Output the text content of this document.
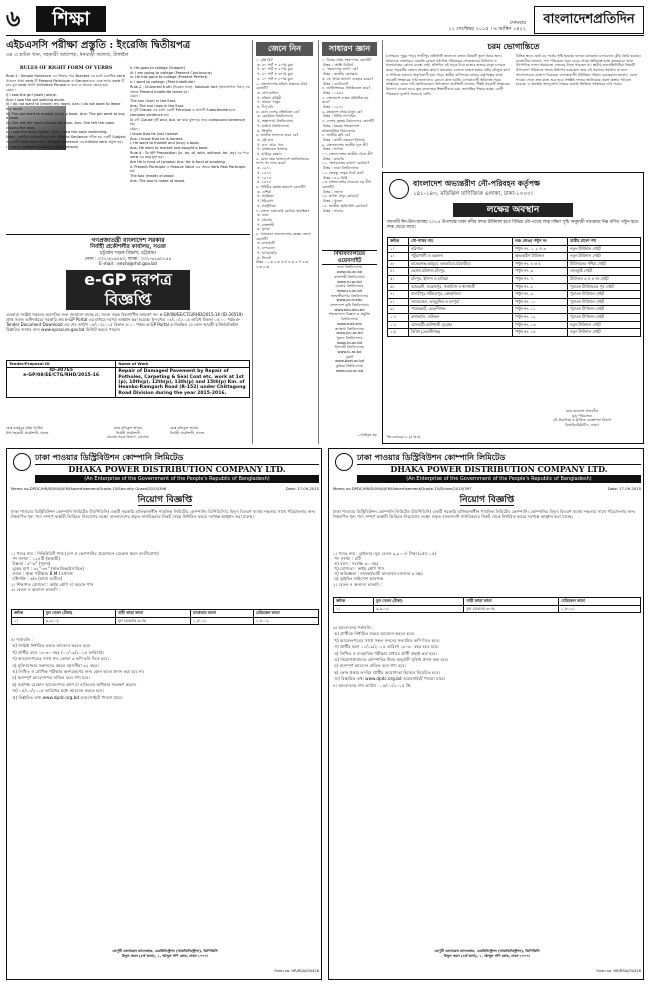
৬	শিক্ষা	সোমবার
২১ সেপ্টেম্বর ২০১৫ । ৬ আশ্বিন ১৪২২
বাংলাদেশপ্রতিদিন
এইচএসসি পরীক্ষা প্রস্তুতি : ইংরেজি দ্বিতীয়পত্র
এম এ হামিদ খান, সহকারী অধ্যাপক, ধনবাড়ী কলেজ, টাঙ্গাইল
RULES OF RIGHT FORM OF VERBS
Rule-1 : Simple Sentence এর ক্রিয়ার পরে Bracket এর মধ্যে একাধিক verb থাকলে প্রথম verb টি Present Participle বা Gerund হবে এবং অপর verb টি হবে মূল verb অর্থাৎ Infinitive Phrase না হলে বা অনেক ক্ষেত্রে হয়।
যেমন :
i) I saw the girl (walk) alone.
Ans: I saw the girl walking alone.
ii) I do not want to (leave) my room. Ans: I do not want to leave my room.
iii) The girl went to market (buy) a book. Ans: The girl went to buy a book.
iv) She left the room (close) the door. Ans: She left the room closing the door.
v) I saw the boys (swim). Ans: I saw the boys swimming.
Note: একাধিক ভাষাভাষীদের জন্য Simple Sentence গঠিত হয় একটি Subject ও একটি Finite Verb দ্বারা। Simple Sentence এর Infinite verb প্রযুক্ত হয়।
i. I go to college (Subject + First person)
ii. He goes to college (Subject)
iii. I am going to college (Present Continuous)
iv. He has gone to college (Present Perfect)
v. I went to college. (Past Indefinite)
Rule-2 : Universal truth (চিরন্তন সত্য), habitual fact (অভ্যাসগত সত্য) এর ক্ষেত্রে Present Indefinite tense হয়।
যেমন :
The sun (rise) in the East.
Ans: The sun rises in the East.
i) দুটি Clause এর মধ্যে একটি Principal ও অন্যটি Subordinate হলে complex sentence হয়।
ii) যদি Clause দুটি and, but, or দ্বারা যুক্ত হয় তবে compound sentence হয়।
যেমন :
I know that he (be) honest.
Ans: I know that he is honest.
i. He went to market and (buy) a book.
Ans: He went to market and bought a book.
Rule-4 : To VIP Preposition (in, on, of, with, without, for, by) এর পরে verb এর ing যুক্ত হয়।
Are He is fond of (smoke) Ans: He is fond of smoking.
ii. Present Participle ও Passive Voice এর ক্ষেত্রে Verb Past Participle হয়।
The box (make) of wood.
Ans: The box is made of wood.
গণপ্রজাতন্ত্রী বাংলাদেশ সরকার
নির্বাহী প্রকৌশলীর কার্যালয়, সওজ
চট্টগ্রাম সড়ক বিভাগ, চট্টগ্রাম।
ফোন : ০৩১-৬১৬০৯৩, ফ্যাক্স : ০৩১-৬১৬০১৫৪
E-mail : eechi@rhd.gov.bd
e-GP দরপত্র বিজ্ঞপ্তি
এতদ্বারা সংশ্লিষ্ট সকলের অবগতির জন্য জানানো যাচ্ছে যে, সওজ সড়ক বিভাগাধীন আমন্ত্রণ নং- e-GP/08/EE/CTG/RHD/2015-16 (ID-30519) প্রাপ্ত সওজ অধিদপ্তরের সরকারি ক্রয় e-GP Portal এর মাধ্যমে দরপত্র আহ্বান করা হয়েছে। ই-দরপত্র ০৪/১০/২০১৫ তারিখ বিকাল ০৫:০০ পর্যন্ত e-Tender Document Download এর শেষ তারিখ ০৪/১০/২০১৫ বিকাল ৫:০০ পর্যন্ত। e-GP Portal এ নিবন্ধিত যে কোন আগ্রহী ব্যক্তি/প্রতিষ্ঠান বিস্তারিত জানার জন্য www.eprocure.gov.bd ভিজিট করতে পারেন।
Tender/Proposal ID	Name of Work
ID-30765
e-GP/08/EE/CTG/RHD/2015-16	Repair of Damaged Pavement by Repair of Potholes, Carpeting & Seal Coat etc. work at 1st (p), 10th(p), 12th(p), 13th(p) and 15th(p) Km. of Heanko-Ramgarh Road (R-152) under Chittagong Road Division during the year 2015-2016.
মোঃ মাহমুদুর রহিম আমিন
উপ-সহকারী প্রকৌশলী, সওজ
মোঃ রফিকুল আলম
নির্বাহী প্রকৌশলী
চট্টগ্রাম সড়ক বিভাগ, চট্টগ্রাম।
মোঃ রফিকুল আলম
নির্বাহী প্রকৌশলী, সওজ
জেনে নিন
১. বৃত্তি কি?
ক. ৫০ পার্ট + ৫০% মুদ্রা
খ. ৩০ পার্ট + ৫০% মুদ্রা
গ. ৫০ পার্ট + ৩০% মুদ্রা
ঘ. ২০ পার্ট + ৮০% মুদ্রা
২. বাংলাদেশের মহিলা প্রজ্ঞাবে প্রথম কোনটি?
ক. শেখ হাসিনা
খ. মতিয়া চৌধুরী
গ. সাহারা খাতুন
ঘ. দীপু মনি
৩. কোন দেশের প্রতিষ্ঠাতা কে?
ক. কেমব্রিজ বিশ্ববিদ্যালয়
খ. অক্সফোর্ড বিশ্ববিদ্যালয়
গ. হার্ভার্ড বিশ্ববিদ্যালয়
ঘ. প্রিন্সটন
৪. জাতীয় সংসদের ভবন কে?
ক. লুই কান
খ. এফ. আর. খান
গ. মাজহারুল ইসলাম
ঘ. হামিদুর রহমান
৫. কোন বছর বাংলাদেশ জাতিসংঘের সদস্য পদ লাভ করে?
ক. ১৯৭১
খ. ১৯৭২
গ. ১৯৭৪
ঘ. ১৯৭৫
৬. পৃথিবীর বৃহত্তম মহাদেশ কোনটি?
ক. এশিয়া
খ. আফ্রিকা
গ. ইউরোপ
ঘ. অস্ট্রেলিয়া
৭. বাংলা একাডেমি কোথায় অবস্থিত?
ক. ঢাকা
খ. চট্টগ্রাম
গ. রাজশাহী
ঘ. খুলনা
৮. আয়তনে বাংলাদেশের বৃহত্তম জেলা কোনটি?
ক. রাঙামাটি
খ. বান্দরবান
গ. খাগড়াছড়ি
ঘ. সিলেট
উত্তর : ১.ক ২.ক ৩.খ ৪.ক ৫.গ ৬.ক ৭.ক ৮.ক
সাধারণ জ্ঞান
১. বিশ্বের প্রথম সংবাদপত্র কোনটি?
উত্তর : 'আক্টা ডিউর্না'
২. 'সংবাদপত্র জগৎ' কে?
উত্তর : জাতীয় প্রেসক্লাব
৩. কে 'প্রথম আলো' ব্যবহার করেন?
উত্তর : গুটেনবার্গ
৪. জাতিসংঘের প্রতিষ্ঠাকাল কবে?
উত্তর : ১৯৪৫
৫. বাংলাদেশ ব্যাংক প্রতিষ্ঠিত হয় কবে?
উত্তর : ১৯৭২
৬. মহাকাশে প্রথম মানুষ কে?
উত্তর : ইউরি গ্যাগারিন
৭. দেশের বৃহত্তম বিমানবন্দর কোনটি?
উত্তর : হযরত শাহজালাল আন্তর্জাতিক বিমানবন্দর
৮. জাতীয় কবি কে?
উত্তর : কাজী নজরুল ইসলাম
৯. বাংলাদেশের জাতীয় ফুল কী?
উত্তর : শাপলা
১০. বাংলাদেশের জাতীয় খেলা কী?
উত্তর : কাবাডি
১১. 'অপরাজেয় বাংলা' কোথায়?
উত্তর : ঢাকা বিশ্ববিদ্যালয়
১২. বঙ্গবন্ধু সেতুর দৈর্ঘ্য কত?
উত্তর : ৪.৮ কিমি
১৩. বাংলাদেশের সবচেয়ে বড় দ্বীপ কোনটি?
উত্তর : ভোলা
১৪. রূপসা সেতু কোথায়?
উত্তর : খুলনা
১৫. জাতীয় স্মৃতিসৌধ কোথায়?
উত্তর : সাভার
বিশ্ববিদ্যালয়ের ওয়েবসাইট
ঢাকা বিশ্ববিদ্যালয়
www.du.ac.bd
রাজশাহী বিশ্ববিদ্যালয়
www.ru.ac.bd
চট্টগ্রাম বিশ্ববিদ্যালয়
www.cu.ac.bd
জাহাঙ্গীরনগর বিশ্ববিদ্যালয়
www.juniv.edu
বাংলাদেশ কৃষি বিশ্ববিদ্যালয়
www.bau.edu.bd
শাহজালাল বিজ্ঞান ও প্রযুক্তি বিশ্ববিদ্যালয়
www.sust.edu
জগন্নাথ বিশ্ববিদ্যালয়
www.jnu.ac.bd
খুলনা বিশ্ববিদ্যালয়
www.ku.ac.bd
ইসলামী বিশ্ববিদ্যালয়
www.iu.ac.bd
বুয়েট
www.buet.ac.bd
কুমিল্লা বিশ্ববিদ্যালয়
www.cou.ac.bd
—আইনুল হক
চরম ভোগান্তিতে
(সোহরাব পুকুর পাড়) গাজীপুর প্রতিনিধি জানানো বক্তব্য বিষয়টি তুলে ধরার জন্য। আমাদের বাজারেও এমনকি কোনো মধ্যবিত্ত পরিবারের লোকজনের চিকিৎসা ও যাতায়াতের কোনো ব্যবস্থা নেই। প্রতিদিন এই সড়ক দিয়ে হাজার হাজার মানুষ চলাচল করে। সড়কটির বেহাল অবস্থার কারণে যানবাহন চলাচল ব্যাহত হচ্ছে। বর্ষার মৌসুমে কাদা ও পানিতে চলাচল অনুপযোগী হয়ে পড়ে। স্থানীয় বাসিন্দারা বহুবার কর্তৃপক্ষের কাছে সড়কটি সংস্কারের দাবি জানালেও কোনো কাজ হয়নি। এলাকাবাসী অবিলম্বে সড়ক সংস্কারের জোর দাবি জানিয়েছেন। উপজেলা প্রকৌশলী জানান, শীঘ্রই সড়কটি সংস্কারের উদ্যোগ নেওয়া হবে। স্কুল-কলেজের শিক্ষার্থীরাও চরম ভোগান্তির শিকার হচ্ছে। রোগী পরিবহনে দুর্ভোগ সবচেয়ে বেশি।
বিভিন্ন স্থানে ছোট বড় গর্তের সৃষ্টি হয়েছে। হালকা যানবাহন চলাচলেও ঝুঁকি তৈরি হয়েছে। ব্যবসায়ীরা জানান, পণ্য পরিবহনে খরচ বেড়ে গেছে। ক্ষতিগ্রস্ত হচ্ছে কৃষকরাও। তারা উৎপাদিত ফসল সময়মতো বাজারে নিতে পারছেন না। স্থানীয় জনপ্রতিনিধিরা বিষয়টি উপজেলা পরিষদের সভায় উত্থাপন করেছেন। দ্রুত এই সমস্যার সমাধান না হলে আন্দোলনের ঘোষণা দিয়েছেন এলাকাবাসী। ইউনিয়ন পরিষদ চেয়ারম্যান জানান, বরাদ্দ পাওয়া গেলে দ্রুত কাজ শুরু হবে। সংশ্লিষ্ট দফতর জানিয়েছে প্রকল্প প্রস্তাব পাঠানো হয়েছে। এ অবস্থায় জনদুর্ভোগ লাঘবে জরুরি ভিত্তিতে সংস্কারের দাবি সবার।
বাংলাদেশ অভ্যন্তরীণ নৌ-পরিবহন কর্তৃপক্ষ
১৪১-১৪৩, মতিঝিল বাণিজ্যিক এলাকা, ঢাকা-১০০০।
লক্ষের অবস্থান
আগামী ঈদ-উল-আযহা ২০১৫ উপলক্ষে ঢাকা নদীর বন্দর টার্মিনাল হতে বিভিন্ন নৌ-পথের লঞ্চ দক্ষিণ সূচি অনুযায়ী যথাক্রমে নিম্ন বর্ণিত পন্টুন হতে লঞ্চ ছেড়ে যাবে।
ক্রমিক	নৌ-পথের নাম	লঞ্চ নোঙর পন্টুন নং	যাত্রীর প্রবেশ পথ
১।	বরিশাল	পন্টুন নং- ১, ২ ও ৩	নতুন টার্মিনাল গেইট
২।	পটুয়াখালী ও বরগুনা	অভ্যন্তরীণ টার্মিনাল	নতুন টার্মিনাল গেইট
৩।	বাকেরগঞ্জ-আমুয়া- ভান্ডারিয়া-মঠবাড়ীয়া	পন্টুন নং- ৪ ও ৫	টার্মিনালের পশ্চিম গেইট
৪।	ভোলা-বরিশাল-চাঁদপুর	পন্টুন নং- ৬	লালকুঠি গেইট
৫।	চাঁদপুর, ইলিশা ও হাতিয়া	পন্টুন নং- ৭	টার্মিনাল ৩ ও ৪ নং গেইট
৬।	আমতলী, সন্তোষপুর, গলাচিপা ও ধানখালী	পন্টুন নং- ৮	পুরাতন টার্মিনালের পূর্ব গেইট
৭।	মাদারীপুর-শরীয়তপুর, কোড়ালিয়া	পন্টুন নং- ৯	পুরাতন টার্মিনাল গেইট
৮।	লালমোহন, তজুমুদ্দিন ও মনপুরা	পন্টুন নং- ১০	পুরাতন টার্মিনাল গেইট
৯।	পাতারহাট, মেহেন্দীগঞ্জ	পন্টুন নং- ১১	পুরাতন টার্মিনাল গেইট
১০।	রাঙ্গাবালি, বাউফল	পন্টুন নং- ১২	পুরাতন টার্মিনাল গেইট
১১।	ঝালকাঠী-কাউখালী-সুরেশ্বর	পন্টুন নং- ১৩	নতুন টার্মিনাল গেইট
১২।	বিবিধ (কেরানীগঞ্জ)	পন্টুন নং- ১৪	নতুন টার্মিনাল গেইট
মোঃ জয়নাল আবেদীন
যুগ্ম পরিচালক
নৌ-নিরাপত্তা ও ট্রাফিক ব্যবস্থাপনা বিভাগ
বিআইডব্লিউটিএ, ঢাকা।
জি-৩৩৩৩/১৫ (৫'×৪)
ঢাকা পাওয়ার ডিস্ট্রিবিউশন কোম্পানি লিমিটেড
DHAKA POWER DISTRIBUTION COMPANY LTD.
(An Enterprise of the Government of the People's Republic of Bangladesh)
Memo no.DPDC/HR/DGM(A)EM/Advertisement/Grade-15/Security Guard/2015/396	Date: 17.09.2015
নিয়োগ বিজ্ঞপ্তি
ঢাকা পাওয়ার ডিস্ট্রিবিউশন কোম্পানি লিমিটেড (ডিপিডিসি) একটি সরকারি মালিকানাধীন পাবলিক লিমিটেড কোম্পানি। ডিপিডিসি'র বিদ্যুৎ বিতরণ ব্যবস্থা দক্ষতার সাথে পরিচালনার জন্য নিম্নবর্ণিত শূন্য পদে সম্পূর্ণ অস্থায়ী ভিত্তিতে নিয়োগের লক্ষ্যে বাংলাদেশের প্রকৃত নাগরিকদের নিকট থেকে নির্ধারিত ফরমে দরখাস্ত আহ্বান করা যাচ্ছে।
১। পদের নাম : সিকিউরিটি গার্ড (দেশ ও কোম্পানির প্রয়োজনে যেকোন স্থানে বদলীযোগ্য)
পদ সংখ্যা : ১২৪টি (অস্থায়ী)
উচ্চতা : ৫'-৬" (পুরুষ)
বুকের মাপ : ৩২"-৩৪" (স্বাভাবিক/প্রসারিত)
ওজন : স্বাস্থ্য পরীক্ষায় B.M.I যথাযথ
দৃষ্টিশক্তি : ৬/৬ (চশমা ব্যতীত)
২। শিক্ষাগত যোগ্যতা : অষ্টম শ্রেণি বা সমমান পাস
৩। বেতন ও অন্যান্য ভাতাদি :
ক্রমিক	মূল বেতন (টাকা)	বাড়ী ভাড়া ভাতা	যাতায়াত ভাতা	মেডিকেল ভাতা
১।	৯,৯০০/-	মূল বেতনের ৬০%	১,৫০০/-	১,৫০০/-
৪। শর্তাবলি :
ক) সংশ্লিষ্ট নির্ধারিত ফরমে আবেদন করতে হবে।
খ) প্রার্থীর বয়স ১৮-৩০ বছর (০১/০৯/২০১৫ তারিখে)।
গ) আবেদনপত্রের সাথে সদ্য তোলা ৩ কপি ছবি দিতে হবে।
ঘ) মুক্তিযোদ্ধার সন্তানদের ক্ষেত্রে বয়সসীমা ৩২ বছর।
ঙ) লিখিত ও মৌখিক পরীক্ষায় অংশগ্রহণের জন্য কোন ভাতা প্রদান করা হবে না।
চ) অসম্পূর্ণ আবেদনপত্র বাতিল বলে গণ্য হবে।
ছ) কর্তৃপক্ষ যেকোন আবেদনপত্র গ্রহণ বা বাতিলের অধিকার সংরক্ষণ করেন।
জ) ০৫/১০/২০১৫ তারিখের মধ্যে আবেদন করতে হবে।
ঝ) বিস্তারিত তথ্য www.dpdc.org.bd ওয়েবসাইটে পাওয়া যাবে।
ডেপুটি জেনারেল ম্যানেজার, এডমিনিস্ট্রেশন (আমডিনিস্ট্রেশন), ডিপিডিসি
বিদ্যুৎ ভবন (৪র্থ তলা), ১, আব্দুল গণি রোড, ঢাকা-১০০০।
Form no. HR/RSA/03/426
ঢাকা পাওয়ার ডিস্ট্রিবিউশন কোম্পানি লিমিটেড
DHAKA POWER DISTRIBUTION COMPANY LTD.
(An Enterprise of the Government of the People's Republic of Bangladesh)
Memo no.DPDC/HR/DGM(A)EM/Advertisement/Grade-15/Driver/2015/397	Date: 17.09.2015
নিয়োগ বিজ্ঞপ্তি
ঢাকা পাওয়ার ডিস্ট্রিবিউশন কোম্পানি লিমিটেড (ডিপিডিসি) একটি সরকারি মালিকানাধীন পাবলিক লিমিটেড কোম্পানি। কোম্পানির বিদ্যুৎ বিতরণ ব্যবস্থা দক্ষতার সাথে পরিচালনার জন্য নিম্নবর্ণিত শূন্য পদে সম্পূর্ণ অস্থায়ী ভিত্তিতে নিয়োগের লক্ষ্যে প্রকৃত বাংলাদেশি নাগরিকদের নিকট থেকে নির্ধারিত ফরমে দরখাস্ত আহ্বান করা যাচ্ছে।
১। পদের নাম : ড্রাইভার। মূল বেতন ৯,৯০০/- টাকা (গ্রেড ১৫)
পদ সংখ্যা : ৪টি
ক) বয়স : সর্বোচ্চ ৩০ বছর
খ) যোগ্যতা : অষ্টম শ্রেণি পাস
গ) অভিজ্ঞতা : হালকা/ভারী যানবাহন চালনায় ৩ বছর
ঘ) ড্রাইভিং লাইসেন্স আবশ্যক
২। বেতন ও অন্যান্য ভাতাদি :
ক্রমিক	মূল বেতন (টাকা)	বাড়ী ভাড়া ভাতা	মেডিকেল ভাতা
১।	৯,৯০০/-	মূল বেতনের ৬০%	১,৫০০/-
৩। আবেদনের শর্তাবলি :
ক) প্রার্থীকে নির্ধারিত ফরমে আবেদন করতে হবে।
খ) আবেদনপত্রের সাথে সকল সনদের সত্যায়িত কপি দিতে হবে।
গ) প্রার্থীর বয়স ০১/০৯/২০১৫ তারিখে ১৮-৩০ বছর হতে হবে।
ঘ) লিখিত ও ব্যবহারিক পরীক্ষার মাধ্যমে প্রার্থী বাছাই করা হবে।
ঙ) নিয়োগপ্রাপ্তদের কোম্পানির নিয়ম অনুযায়ী সুবিধা প্রদান করা হবে।
চ) অসম্পূর্ণ আবেদন বাতিল বলে গণ্য হবে।
ছ) কোন প্রকার তদবির প্রার্থীর অযোগ্যতা হিসেবে বিবেচিত হবে।
জ) বিস্তারিত তথ্য www.dpdc.org.bd ওয়েবসাইটে পাওয়া যাবে।
৪। আবেদনের শেষ তারিখ : ০৫/১০/২০১৫ খ্রি.
ডেপুটি জেনারেল ম্যানেজার, এডমিনিস্ট্রেশন (আমডিনিস্ট্রেশন), ডিপিডিসি
বিদ্যুৎ ভবন (৪র্থ তলা), ১, আব্দুল গণি রোড, ঢাকা-১০০০।
Form no. HR/RSA/03/428
